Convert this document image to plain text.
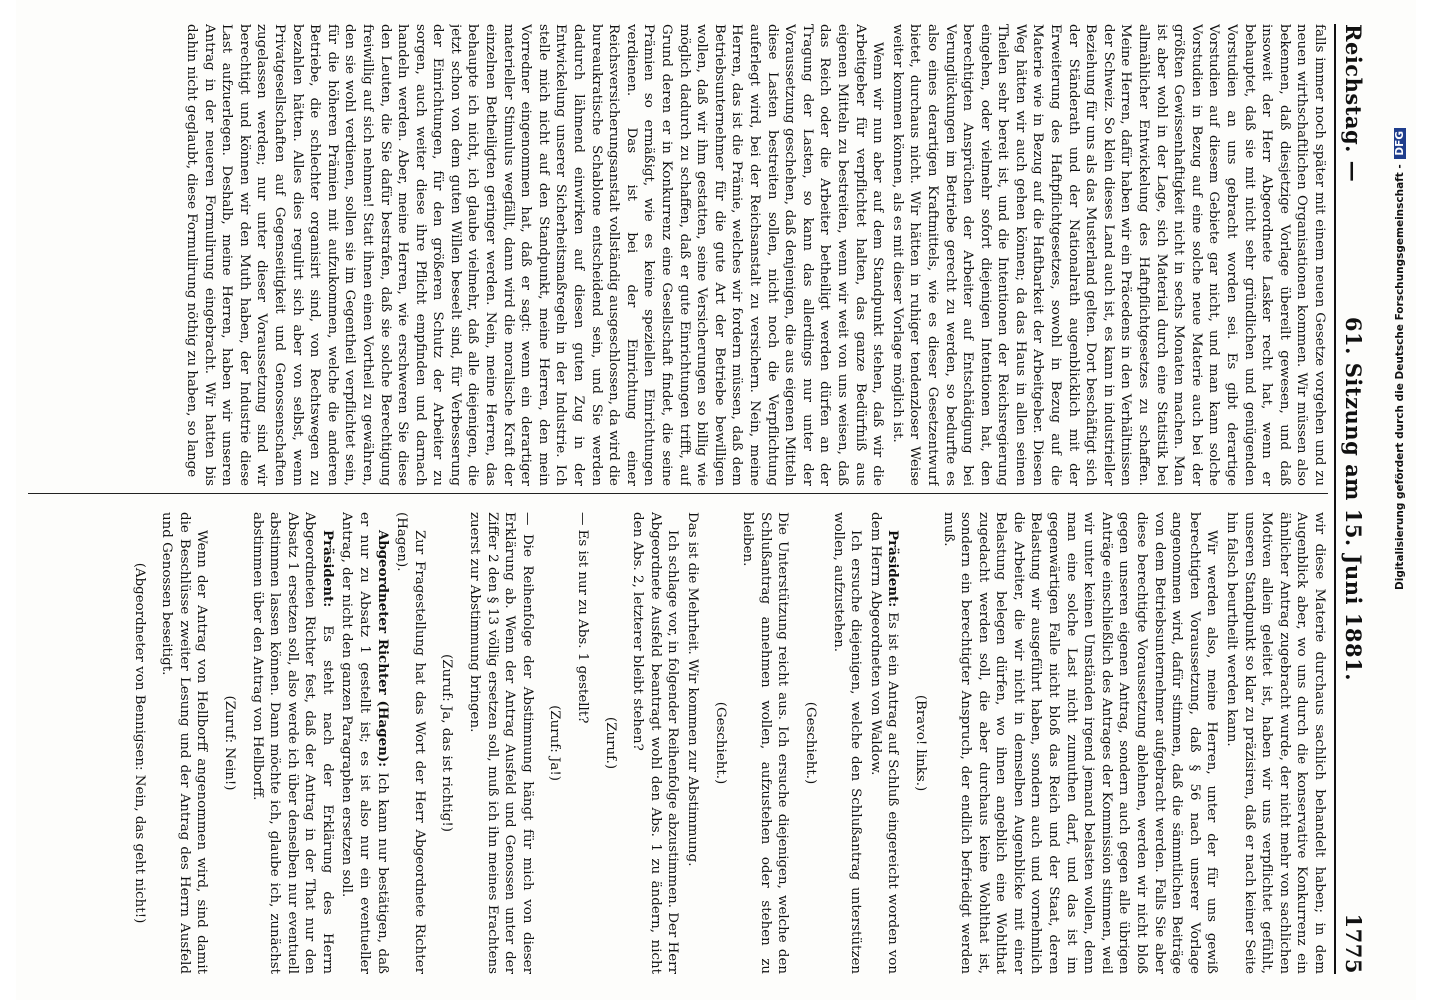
Reichstag. —
61. Sitzung am 15. Juni 1881.
1775

falls immer noch später mit einem neuen Gesetze vorgehen und zu neuen wirthschaftlichen Organisationen kommen. Wir müssen also bekennen, daß diesjetzige Vorlage übereilt gewesen, und daß insoweit der Herr Abgeordnete Lasker recht hat, wenn er behauptet, daß sie mit nicht sehr gründlichen und genügenden Vorstudien an uns gebracht worden sei. Es gibt derartige Vorstudien auf diesem Gebiete gar nicht, und man kann solche Vorstudien in Bezug auf eine solche neue Materie auch bei der größten Gewissenhaftigkeit nicht in sechs Monaten machen. Man ist aber wohl in der Lage, sich Material durch eine Statistik bei allmählicher Entwickelung des Haftpflichtgesetzes zu schaffen. Meine Herren, dafür haben wir ein Präcedens in den Verhältnissen der Schweiz. So klein dieses Land auch ist, es kann in industrieller Beziehung für uns als das Musterland gelten. Dort beschäftigt sich der Ständerath und der Nationalrath augenblicklich mit der Erweiterung des Haftpflichtgesetzes, sowohl in Bezug auf die Materie wie in Bezug auf die Haftbarkeit der Arbeitgeber. Diesen Weg hätten wir auch gehen können; da das Haus in allen seinen Theilen sehr bereit ist, und die Intentionen der Reichsregierung eingehen, oder vielmehr sofort diejenigen Intentionen hat, den berechtigten Ansprüchen der Arbeiter auf Entschädigung bei Verunglückungen im Betriebe gerecht zu werden, so bedurfte es also eines derartigen Kraftmittels, wie es dieser Gesetzentwurf bietet, durchaus nicht. Wir hätten in ruhiger tendenzloser Weise weiter kommen können, als es mit dieser Vorlage möglich ist.

Wenn wir nun aber auf dem Standpunkt stehen, daß wir die Arbeitgeber für verpflichtet halten, das ganze Bedürfniß aus eigenen Mitteln zu bestreiten, wenn wir weit von uns weisen, daß das Reich oder die Arbeiter betheiligt werden dürfen an der Tragung der Lasten, so kann das allerdings nur unter der Voraussetzung geschehen, daß denjenigen, die aus eigenen Mitteln diese Lasten bestreiten sollen, nicht noch die Verpflichtung auferlegt wird, bei der Reichsanstalt zu versichern. Nein, meine Herren, das ist die Prämie, welches wir fordern müssen, daß dem Betriebsunternehmer für die gute Art der Betriebe bewilligen wollen, daß wir ihm gestatten, seine Versicherungen so billig wie möglich dadurch zu schaffen, daß er gute Einrichtungen trifft, auf Grund deren er in Konkurrenz eine Gesellschaft findet, die seine Prämien so ermäßigt, wie es keine speziellen Einrichtungen verdienen. Das ist bei der Einrichtung einer Reichsversicherungsanstalt vollständig ausgeschlossen, da wird die bureaukratische Schablone entscheidend sein, und Sie werden dadurch lähmend einwirken auf diesen guten Zug in der Entwickelung unserer Sicherheitsmaßregeln in der Industrie. Ich stelle mich nicht auf den Standpunkt, meine Herren, den mein Vorredner eingenommen hat, daß er sagt: wenn ein derartiger materieller Stimulus wegfällt, dann wird die moralische Kraft der einzelnen Betheiligten geringer werden. Nein, meine Herren, das behaupte ich nicht, ich glaube vielmehr, daß alle diejenigen, die jetzt schon von dem guten Willen beseelt sind, für Verbesserung der Einrichtungen, für den größeren Schutz der Arbeiter zu sorgen, auch weiter diese ihre Pflicht empfinden und darnach handeln werden. Aber, meine Herren, wie erschweren Sie diese den Leuten, die Sie dafür bestrafen, daß sie solche Berechtigung freiwillig auf sich nehmen! Statt ihnen einen Vortheil zu gewähren, den sie wohl verdienen, sollen sie im Gegentheil verpflichtet sein, für die höheren Prämien mit aufzukommen, welche die anderen Betriebe, die schlechter organisirt sind, von Rechtswegen zu bezahlen hätten. Alles dies regulirt sich aber von selbst, wenn Privatgesellschaften auf Gegenseitigkeit und Genossenschaften zugelassen werden; nur unter dieser Voraussetzung sind wir berechtigt und können wir den Muth haben, der Industrie diese Last aufzuerlegen. Deshalb, meine Herren, haben wir unseren Antrag in der neueren Formulirung eingebracht. Wir hatten bis dahin nicht geglaubt, diese Formulirung nöthig zu haben, so lange

wir diese Materie durchaus sachlich behandelt haben; in dem Augenblick aber, wo uns durch die konservative Konkurrenz ein ähnlicher Antrag zugebracht wurde, der nicht mehr von sachlichen Motiven allein geleitet ist, haben wir uns verpflichtet gefühlt, unseren Standpunkt so klar zu präzisiren, daß er nach keiner Seite hin falsch beurtheilt werden kann.

Wir werden also, meine Herren, unter der für uns gewiß berechtigten Voraussetzung, daß § 56 nach unserer Vorlage angenommen wird, dafür stimmen, daß die sämmtlichen Beiträge von dem Betriebsunternehmer aufgebracht werden. Falls Sie aber diese berechtigte Voraussetzung ablehnen, werden wir nicht bloß gegen unseren eigenen Antrag, sondern auch gegen alle übrigen Anträge einschließlich des Antrages der Kommission stimmen, weil wir unter keinen Umständen irgend jemand belasten wollen, denn man eine solche Last nicht zumuthen darf, und das ist im gegenwärtigen Falle nicht bloß das Reich und der Staat, deren Belastung wir ausgeführt haben, sondern auch und vornehmlich die Arbeiter, die wir nicht in demselben Augenblicke mit einer Belastung belegen dürfen, wo ihnen angeblich eine Wohlthat zugedacht werden soll, die aber durchaus keine Wohlthat ist, sondern ein berechtigter Anspruch, der endlich befriedigt werden muß.

(Bravo! links.)

Präsident: Es ist ein Antrag auf Schluß eingereicht worden von dem Herrn Abgeordneten von Waldow.

Ich ersuche diejenigen, welche den Schlußantrag unterstützen wollen, aufzustehen.

(Geschieht.)

Die Unterstützung reicht aus. Ich ersuche diejenigen, welche den Schlußantrag annehmen wollen, aufzustehen oder stehen zu bleiben.

(Geschieht.)

Das ist die Mehrheit. Wir kommen zur Abstimmung.

Ich schlage vor, in folgender Reihenfolge abzustimmen. Der Herr Abgeordnete Ausfeld beantragt wohl den Abs. 1 zu ändern, nicht den Abs. 2, letzterer bleibt stehen?

(Zuruf.)

— Es ist nur zu Abs. 1 gestellt?

(Zuruf: Ja!)

— Die Reihenfolge der Abstimmung hängt für mich von dieser Erklärung ab. Wenn der Antrag Ausfeld und Genossen unter der Ziffer 2 den § 13 völlig ersetzen soll, muß ich ihn meines Erachtens zuerst zur Abstimmung bringen.

(Zuruf: Ja, das ist richtig!)

Zur Fragestellung hat das Wort der Herr Abgeordnete Richter (Hagen).

Abgeordneter Richter (Hagen): Ich kann nur bestätigen, daß er nur zu Absatz 1 gestellt ist; es ist also nur ein eventueller Antrag, der nicht den ganzen Paragraphen ersetzen soll.

Präsident: Es steht nach der Erklärung des Herrn Abgeordneten Richter fest, daß der Antrag in der That nur den Absatz 1 ersetzen soll, also werde ich über denselben nur eventuell abstimmen lassen können. Dann möchte ich, glaube ich, zunächst abstimmen über den Antrag von Hellborff.

(Zuruf: Nein!)

Wenn der Antrag von Hellborff angenommen wird, sind damit die Beschlüsse zweiter Lesung und der Antrag des Herrn Ausfeld und Genossen beseitigt.

(Abgeordneter von Bennigsen: Nein, das geht nicht!)

Digitalisierung gefördert durch die Deutsche Forschungsgemeinschaft - DFG
